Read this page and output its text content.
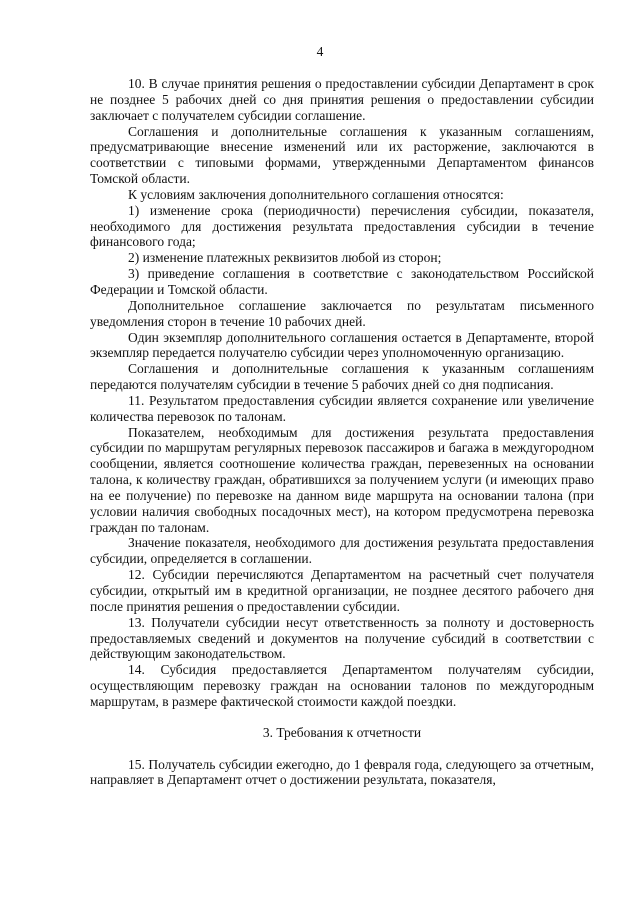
4

10. В случае принятия решения о предоставлении субсидии Департамент в срок не позднее 5 рабочих дней со дня принятия решения о предоставлении субсидии заключает с получателем субсидии соглашение.

Соглашения и дополнительные соглашения к указанным соглашениям, предусматривающие внесение изменений или их расторжение, заключаются в соответствии с типовыми формами, утвержденными Департаментом финансов Томской области.

К условиям заключения дополнительного соглашения относятся:

1) изменение срока (периодичности) перечисления субсидии, показателя, необходимого для достижения результата предоставления субсидии в течение финансового года;

2) изменение платежных реквизитов любой из сторон;

3) приведение соглашения в соответствие с законодательством Российской Федерации и Томской области.

Дополнительное соглашение заключается по результатам письменного уведомления сторон в течение 10 рабочих дней.

Один экземпляр дополнительного соглашения остается в Департаменте, второй экземпляр передается получателю субсидии через уполномоченную организацию.

Соглашения и дополнительные соглашения к указанным соглашениям передаются получателям субсидии в течение 5 рабочих дней со дня подписания.

11. Результатом предоставления субсидии является сохранение или увеличение количества перевозок по талонам.

Показателем, необходимым для достижения результата предоставления субсидии по маршрутам регулярных перевозок пассажиров и багажа в междугородном сообщении, является соотношение количества граждан, перевезенных на основании талона, к количеству граждан, обратившихся за получением услуги (и имеющих право на ее получение) по перевозке на данном виде маршрута на основании талона (при условии наличия свободных посадочных мест), на котором предусмотрена перевозка граждан по талонам.

Значение показателя, необходимого для достижения результата предоставления субсидии, определяется в соглашении.

12. Субсидии перечисляются Департаментом на расчетный счет получателя субсидии, открытый им в кредитной организации, не позднее десятого рабочего дня после принятия решения о предоставлении субсидии.

13. Получатели субсидии несут ответственность за полноту и достоверность предоставляемых сведений и документов на получение субсидий в соответствии с действующим законодательством.

14. Субсидия предоставляется Департаментом получателям субсидии, осуществляющим перевозку граждан на основании талонов по междугородным маршрутам, в размере фактической стоимости каждой поездки.

3. Требования к отчетности

15. Получатель субсидии ежегодно, до 1 февраля года, следующего за отчетным, направляет в Департамент отчет о достижении результата, показателя,
